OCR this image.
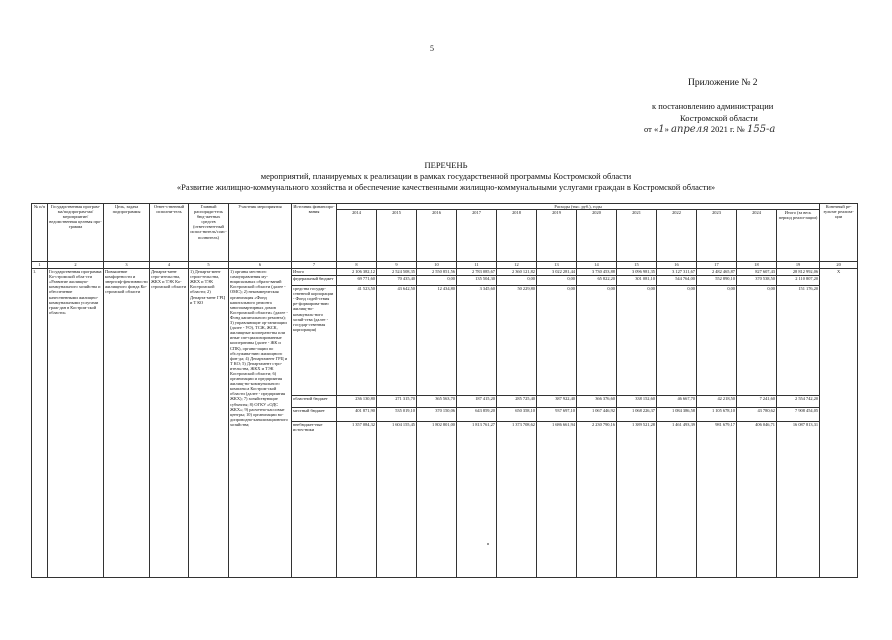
5
Приложение № 2
к постановлению администрации
Костромской области
от «1» апреля 2021 г. № 155-а
ПЕРЕЧЕНЬ
мероприятий, планируемых к реализации в рамках государственной программы Костромской области
«Развитие жилищно-коммунального хозяйства и обеспечение качественными жилищно-коммунальными услугами граждан в Костромской области»
№ п/п	Государственная програм-ма/подпрограм-ма/мероприятие/ведомственная целевая про-грамма	Цель, задача подпрограммы	Ответ-ственный исполни-тель	Главный распоряди-тель бюд-жетных средств (ответствен-ный испол-нитель/соис-полнитель)	Участник мероприятия	Источник финансиро-вания	Расходы (тыс. руб.), годы												Конечный ре-зультат реализа-ции
							2014	2015	2016	2017	2018	2019	2020	2021	2022	2023	2024	Итого (за весь период реали-зации)	
1	2	3	4	5	6	7	8	9	10	11	12	13	14	15	16	17	18	19	20
1.	Государственная программа Ко-стромской обла-сти «Развитие жилищно-коммунального хозяйства и обеспечение качественными жилищно-коммунальными услугами граж-дан в Костром-ской области»	Повышение комфортности и энергоэф-фективности жилищного фонда Ко-стромской области	Департа-мент стро-ительства, ЖКХ и ТЭК Ко-стромской области	1) Департа-мент строи-тельства, ЖКХ и ТЭК Костромской области; 2) Департа-мент ГРЦ и Т КО	1) органы местного самоуправления му-ниципальных образо-ваний Костромской области (далее - ОМС); 2) некоммерческая организация «Фонд капитального ремонта многоквартирных домов Костромской области» (далее - Фонд капитального ремонта); 3) управляющие ор-ганизации (далее - УО), ТСЖ, ЖСК, жилищные кооперати-вы или иные спе-циализированные кооперативы (далее - ЖК и СПК), органи-зации по обслужива-нию жилищного фон-да; 4) Департамент ГРЦ и Т КО; 5) Департамент стро-ительства, ЖКХ и ТЭК Костромской области; 6) организации и предприятия жилищ-но-коммунального комплекса Костром-ской области (далее - предприятия ЖКХ); 7) хозяйствующие субъекты; 8) ОГКУ «ОДС ЖКХ»; 9) расчетно-кассовые центры; 10) организации во-допроводно-канализационного хозяйства;	Итого	2 106 382,12	2 524 508,35	2 550 851,56	2 783 085,67	2 360 121,82	3 022 281,44	3 730 453,88	3 096 981,35	3 127 311,67	2 482 465,87	827 607,43	28 812 992,06	X
						федеральный бюджет	69 771,60	70 435,40	0,00	135 504,30	0,00	0,00	65 822,20	301 081,10	544 764,00	552 890,10	370 538,50	2 110 807,20	
						средства государ-ственной корпорации - Фонд содей-ствия ре-формирова-нию жилищ-но-коммуналь-ного хозяй-ства (далее - государ-ственная корпорация)	41 523,50	43 642,50	12 434,80	3 345,60	50 229,80	0,00	0,00	0,00	0,00	0,00	0,00	151 176,20	
						областной бюджет	236 130,80	271 315,70	365 563,70	187 415,20	285 725,40	387 922,40	366 376,60	338 152,60	46 667,70	42 218,50	7 241,60	2 554 742,20	
						местный бюджет	401 871,90	535 019,10	370 150,06	643 859,20	650 358,10	937 697,10	1 067 446,92	1 068 226,37	1 084 386,58	1 105 678,10	43 780,62	7 908 454,05	
						внебюджет-ные источ-ники	1 357 084,32	1 604 155,45	1 802 801,00	1 813 761,27	1 373 708,62	1 686 661,94	2 230 790,16	1 389 521,28	1 461 493,39	981 679,17	406 046,71	16 087 813,31	
